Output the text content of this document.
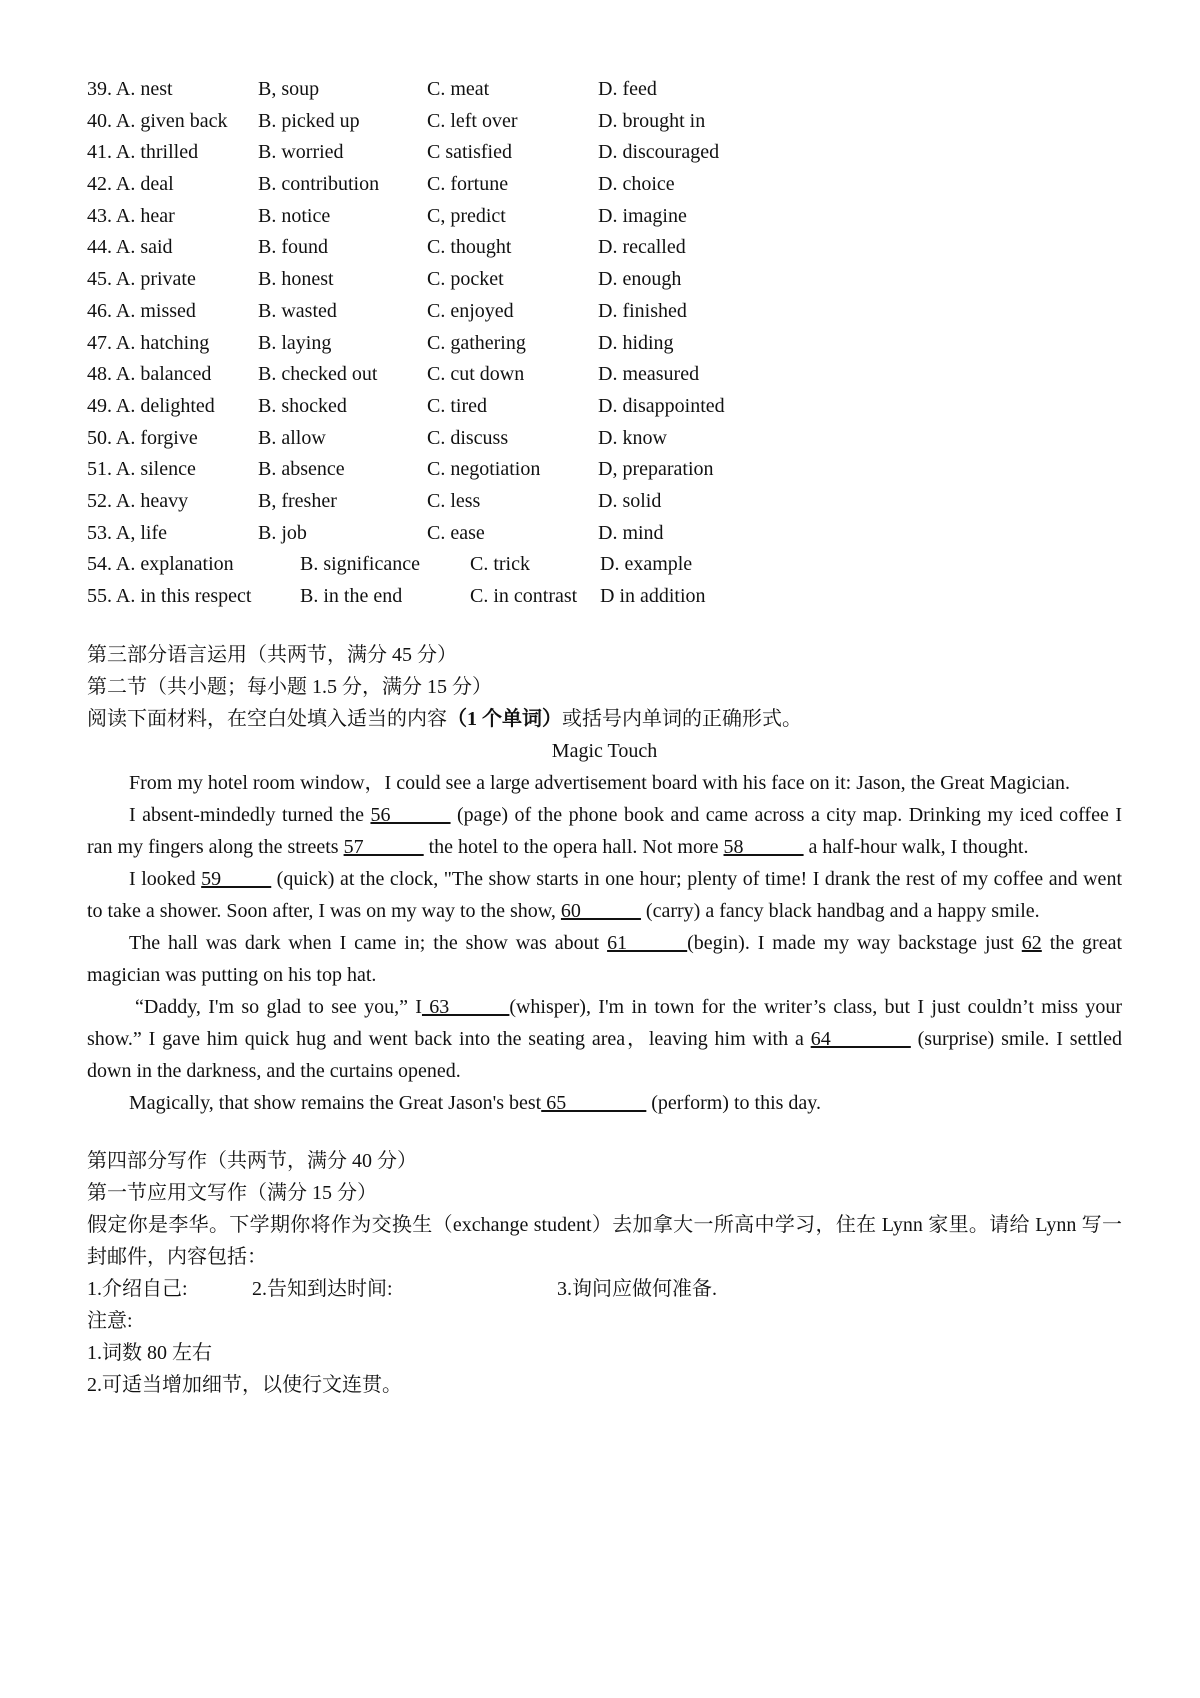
39. A. nest	B, soup	C. meat	D. feed
40. A. given back B. picked up	C. left over	D. brought in
41. A. thrilled	B. worried	C satisfied	D. discouraged
42. A. deal	B. contribution C. fortune	D. choice
43. A. hear	B. notice	C, predict	D. imagine
44. A. said	B. found	C. thought	D. recalled
45. A. private	B. honest	C. pocket	D. enough
46. A. missed	B. wasted	C. enjoyed	D. finished
47. A. hatching B. laying	C. gathering	D. hiding
48. A. balanced B. checked out C. cut down	D. measured
49. A. delighted B. shocked	C. tired	D. disappointed
50. A. forgive	B. allow	C. discuss	D. know
51. A. silence	B. absence	C. negotiation	D, preparation
52. A. heavy	B, fresher	C. less	D. solid
53. A, life	B. job	C. ease	D. mind
54. A. explanation	B. significance	C. trick	D. example
55. A. in this respect B. in the end	C. in contrast D in addition
第三部分语言运用（共两节，满分 45 分）
第二节（共小题；每小题 1.5 分，满分 15 分）
阅读下面材料，在空白处填入适当的内容（1 个单词）或括号内单词的正确形式。
Magic Touch
From my hotel room window，I could see a large advertisement board with his face on it: Jason, the Great Magician.
I absent-mindedly turned the 56______ (page) of the phone book and came across a city map. Drinking my iced coffee I ran my fingers along the streets 57______ the hotel to the opera hall. Not more 58______ a half-hour walk, I thought.
I looked 59_____ (quick) at the clock, "The show starts in one hour; plenty of time! I drank the rest of my coffee and went to take a shower. Soon after, I was on my way to the show, 60______ (carry) a fancy black handbag and a happy smile.
The hall was dark when I came in; the show was about 61______(begin). I made my way backstage just 62 the great magician was putting on his top hat.
“Daddy, I'm so glad to see you,” I 63______(whisper), I'm in town for the writer’s class, but I just couldn’t miss your show.” I gave him quick hug and went back into the seating area，leaving him with a 64________ (surprise) smile. I settled down in the darkness, and the curtains opened.
Magically, that show remains the Great Jason's best 65________ (perform) to this day.
第四部分写作（共两节，满分 40 分）
第一节应用文写作（满分 15 分）
假定你是李华。下学期你将作为交换生（exchange student）去加拿大一所高中学习，住在 Lynn 家里。请给 Lynn 写一封邮件，内容包括：
1.介绍自己:	2.告知到达时间:	3.询问应做何准备.
注意:
1.词数 80 左右
2.可适当增加细节，以使行文连贯。
